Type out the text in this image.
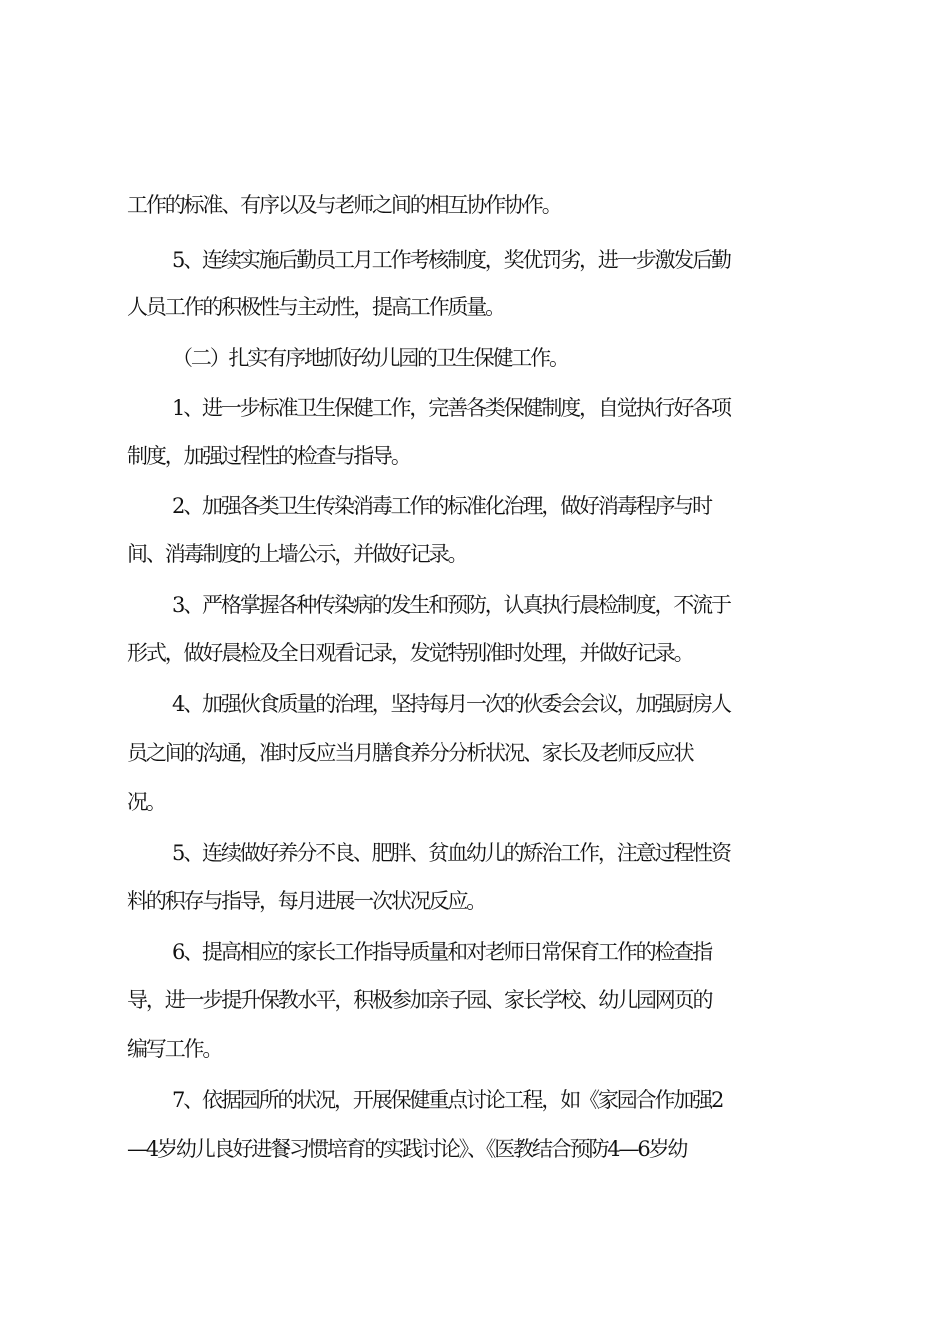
工作的标准、有序以及与老师之间的相互协作协作。
5、连续实施后勤员工月工作考核制度，奖优罚劣，进一步激发后勤
人员工作的积极性与主动性，提高工作质量。
（二）扎实有序地抓好幼儿园的卫生保健工作。
1、进一步标准卫生保健工作，完善各类保健制度，自觉执行好各项
制度，加强过程性的检查与指导。
2、加强各类卫生传染消毒工作的标准化治理，做好消毒程序与时
间、消毒制度的上墙公示，并做好记录。
3、严格掌握各种传染病的发生和预防，认真执行晨检制度，不流于
形式，做好晨检及全日观看记录，发觉特别准时处理，并做好记录。
4、加强伙食质量的治理，坚持每月一次的伙委会会议，加强厨房人
员之间的沟通，准时反应当月膳食养分分析状况、家长及老师反应状
况。
5、连续做好养分不良、肥胖、贫血幼儿的矫治工作，注意过程性资
料的积存与指导，每月进展一次状况反应。
6、提高相应的家长工作指导质量和对老师日常保育工作的检查指
导，进一步提升保教水平，积极参加亲子园、家长学校、幼儿园网页的
编写工作。
7、依据园所的状况，开展保健重点讨论工程，如《家园合作加强2
—4岁幼儿良好进餐习惯培育的实践讨论》、《医教结合预防4—6岁幼
